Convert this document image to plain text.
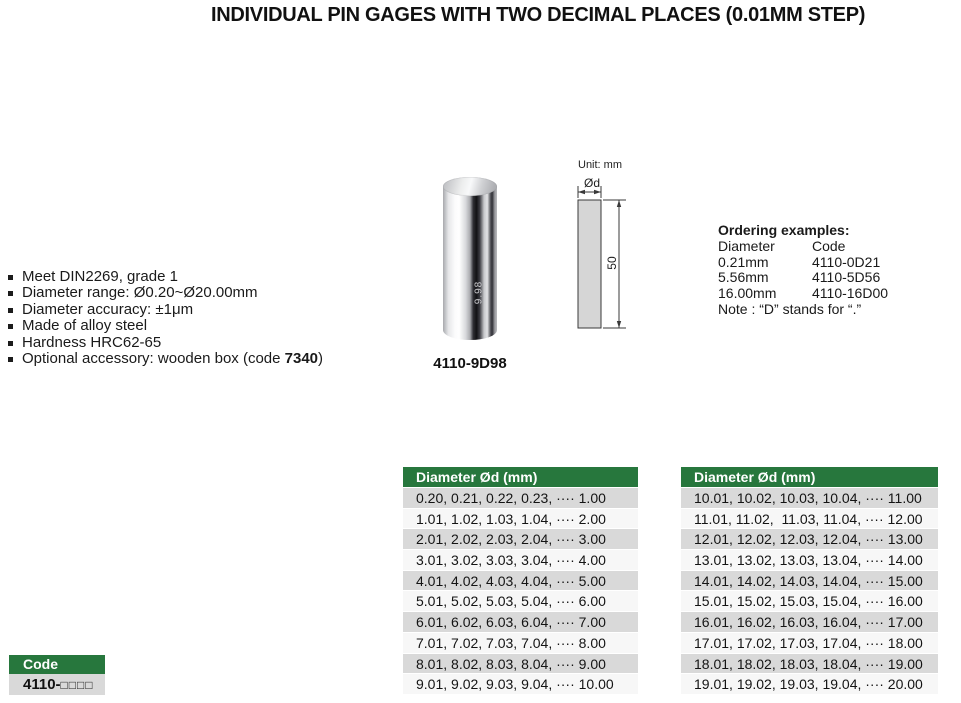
INDIVIDUAL PIN GAGES WITH TWO DECIMAL PLACES (0.01MM STEP)
Meet DIN2269, grade 1
Diameter range: Ø0.20~Ø20.00mm
Diameter accuracy: ±1μm
Made of alloy steel
Hardness HRC62-65
Optional accessory: wooden box (code 7340)
9.98
4110-9D98
Unit: mm
Ød
50
Ordering examples:
Diameter	Code
0.21mm	4110-0D21
5.56mm	4110-5D56
16.00mm	4110-16D00
Note : “D” stands for “.”
Diameter Ød (mm)
0.20, 0.21, 0.22, 0.23, ···· 1.00
1.01, 1.02, 1.03, 1.04, ···· 2.00
2.01, 2.02, 2.03, 2.04, ···· 3.00
3.01, 3.02, 3.03, 3.04, ···· 4.00
4.01, 4.02, 4.03, 4.04, ···· 5.00
5.01, 5.02, 5.03, 5.04, ···· 6.00
6.01, 6.02, 6.03, 6.04, ···· 7.00
7.01, 7.02, 7.03, 7.04, ···· 8.00
8.01, 8.02, 8.03, 8.04, ···· 9.00
9.01, 9.02, 9.03, 9.04, ···· 10.00
Diameter Ød (mm)
10.01, 10.02, 10.03, 10.04, ···· 11.00
11.01, 11.02,  11.03, 11.04, ···· 12.00
12.01, 12.02, 12.03, 12.04, ···· 13.00
13.01, 13.02, 13.03, 13.04, ···· 14.00
14.01, 14.02, 14.03, 14.04, ···· 15.00
15.01, 15.02, 15.03, 15.04, ···· 16.00
16.01, 16.02, 16.03, 16.04, ···· 17.00
17.01, 17.02, 17.03, 17.04, ···· 18.00
18.01, 18.02, 18.03, 18.04, ···· 19.00
19.01, 19.02, 19.03, 19.04, ···· 20.00
Code
4110-□□□□
